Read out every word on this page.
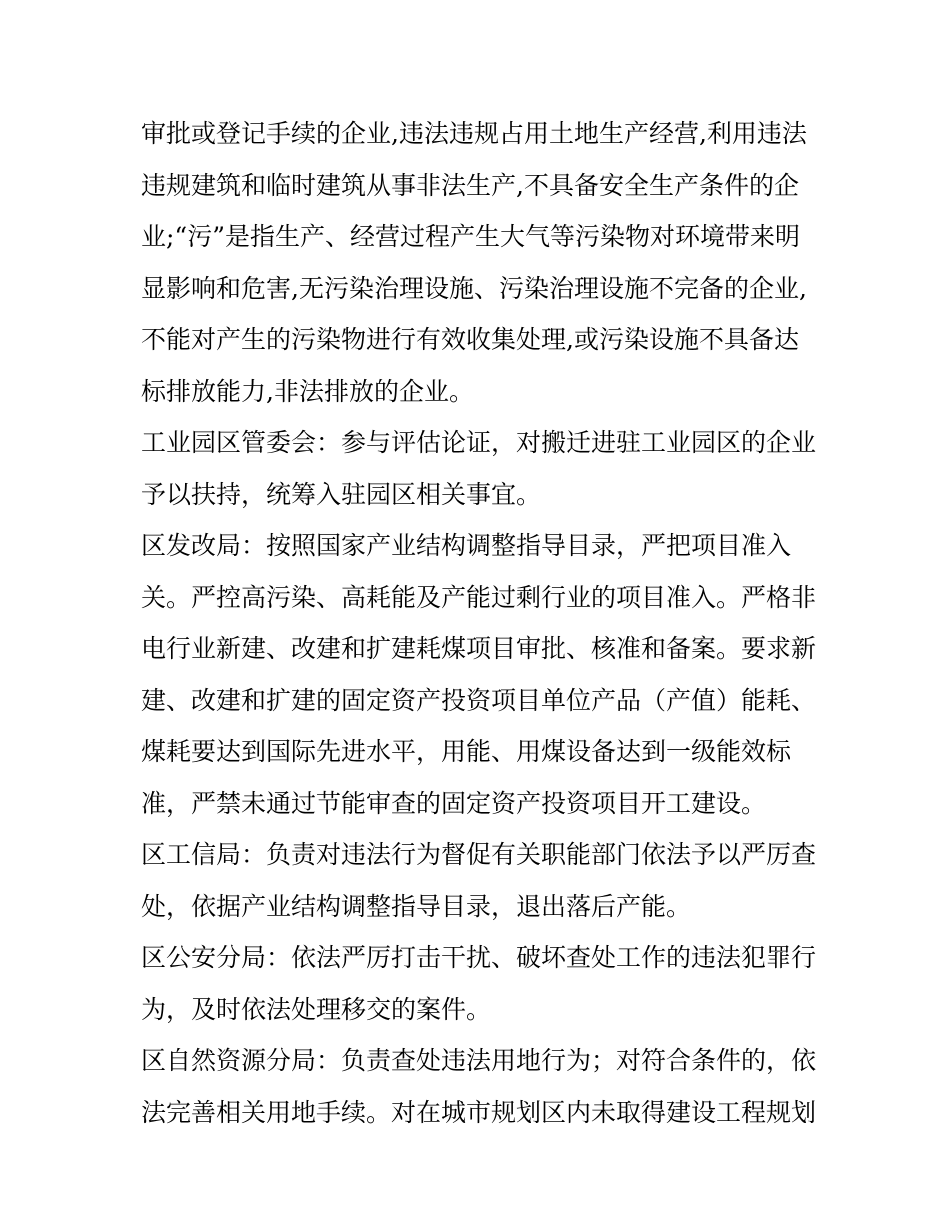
审批或登记手续的企业,违法违规占用土地生产经营,利用违法
违规建筑和临时建筑从事非法生产,不具备安全生产条件的企
业;“污”是指生产、经营过程产生大气等污染物对环境带来明
显影响和危害,无污染治理设施、污染治理设施不完备的企业,
不能对产生的污染物进行有效收集处理,或污染设施不具备达
标排放能力,非法排放的企业。
工业园区管委会：参与评估论证，对搬迁进驻工业园区的企业
予以扶持，统筹入驻园区相关事宜。
区发改局：按照国家产业结构调整指导目录，严把项目准入
关。严控高污染、高耗能及产能过剩行业的项目准入。严格非
电行业新建、改建和扩建耗煤项目审批、核准和备案。要求新
建、改建和扩建的固定资产投资项目单位产品（产值）能耗、
煤耗要达到国际先进水平，用能、用煤设备达到一级能效标
准，严禁未通过节能审查的固定资产投资项目开工建设。
区工信局：负责对违法行为督促有关职能部门依法予以严厉查
处，依据产业结构调整指导目录，退出落后产能。
区公安分局：依法严厉打击干扰、破坏查处工作的违法犯罪行
为，及时依法处理移交的案件。
区自然资源分局：负责查处违法用地行为；对符合条件的，依
法完善相关用地手续。对在城市规划区内未取得建设工程规划
